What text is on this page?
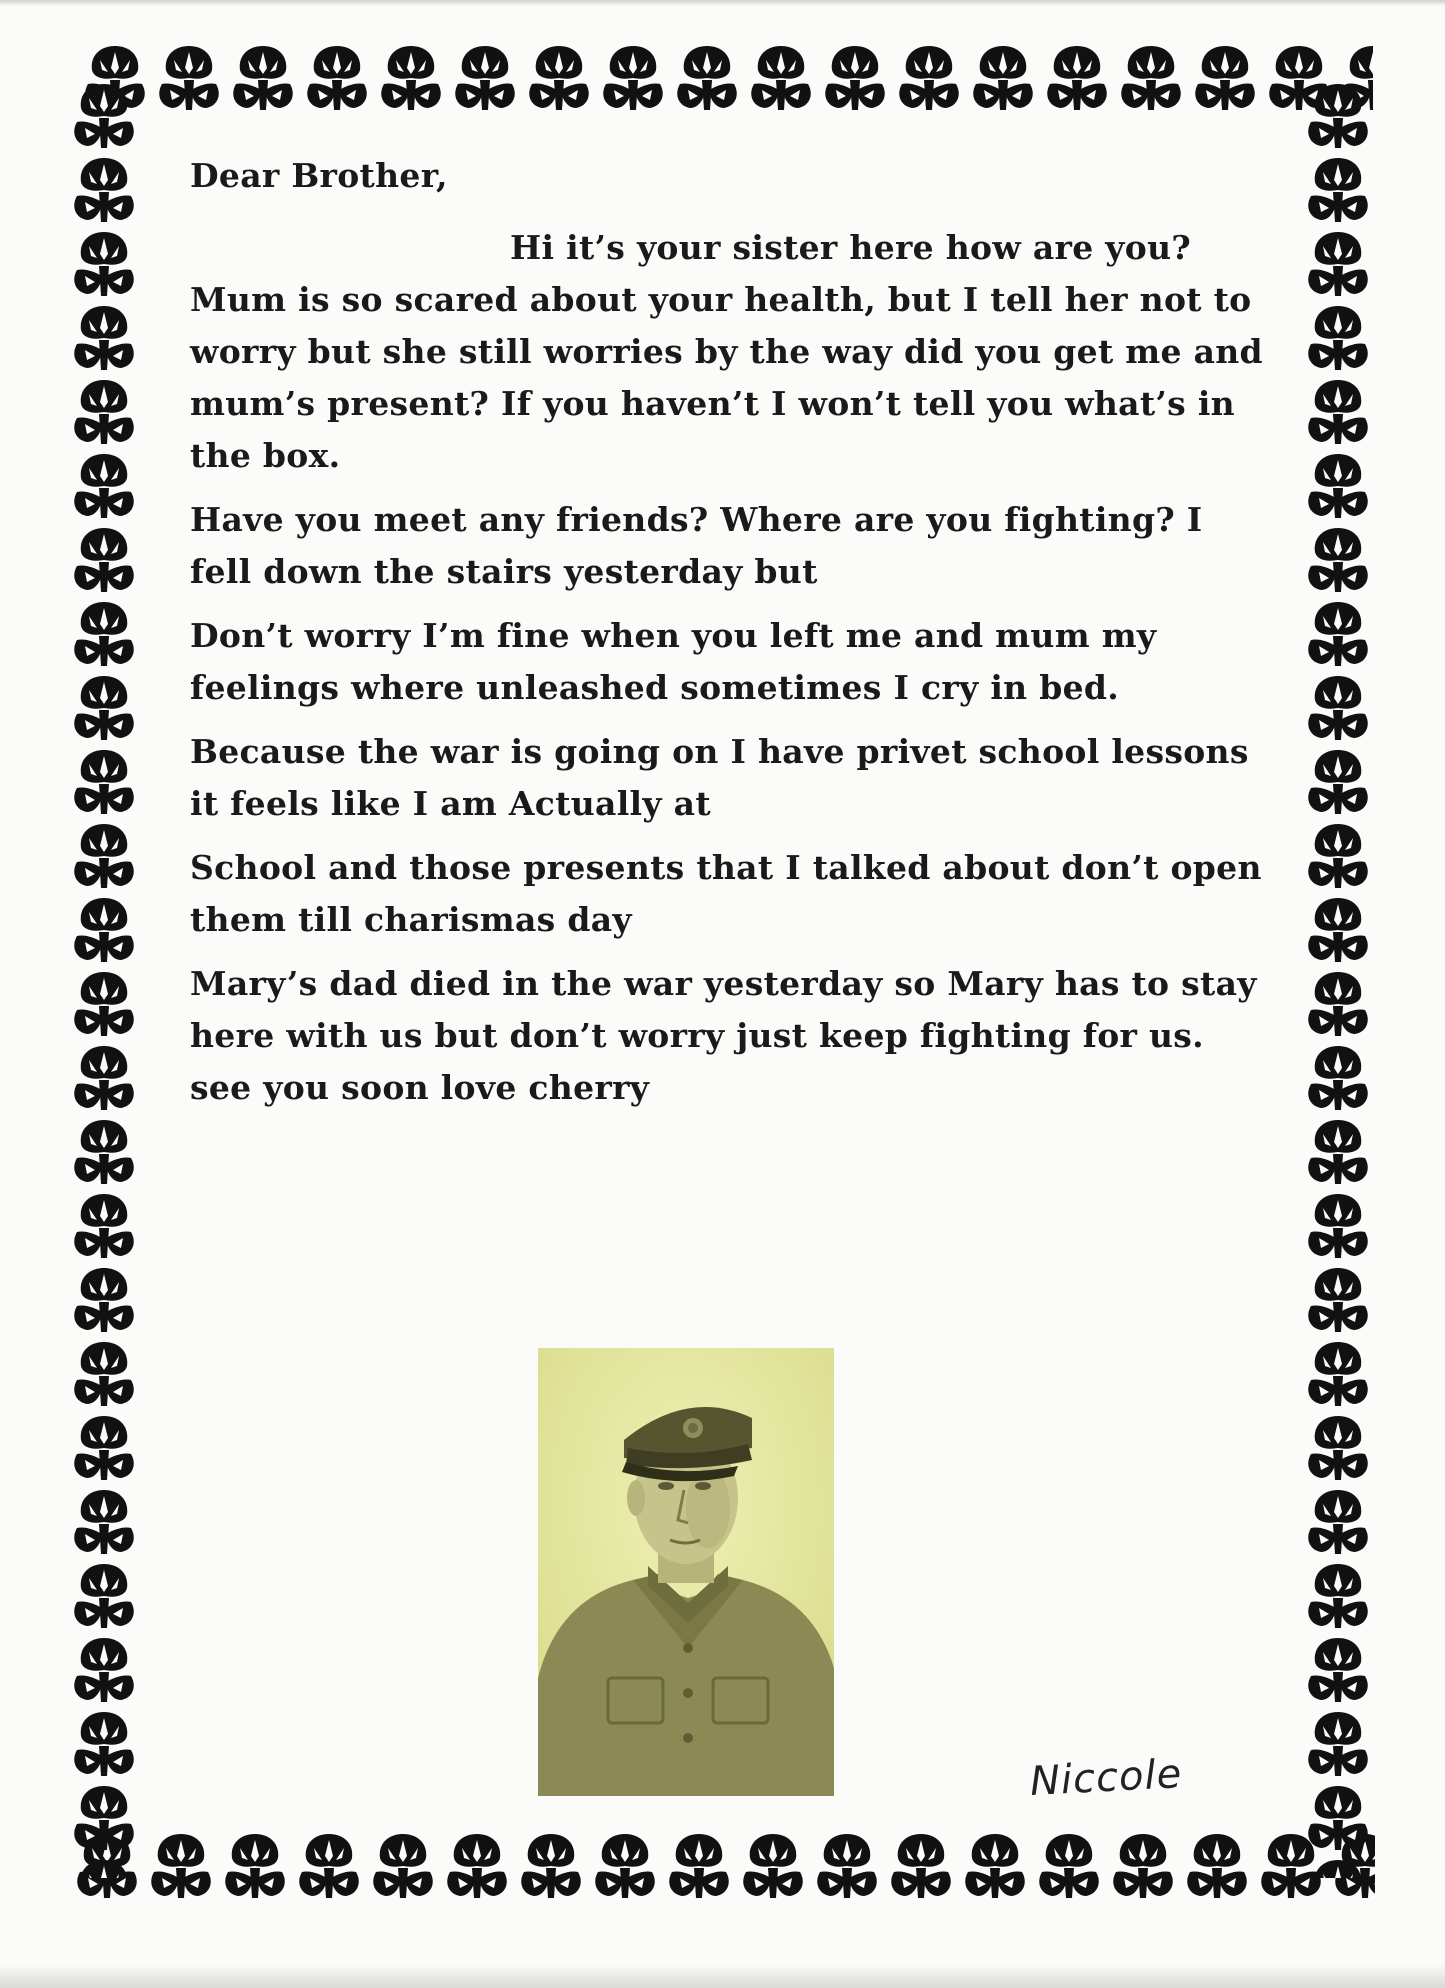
Dear Brother,

Hi it’s your sister here how are you? Mum is so scared about your health, but I tell her not to worry but she still worries by the way did you get me and mum’s present? If you haven’t I won’t tell you what’s in the box.

Have you meet any friends? Where are you fighting? I fell down the stairs yesterday but

Don’t worry I’m fine when you left me and mum my feelings where unleashed sometimes I cry in bed.

Because the war is going on I have privet school lessons it feels like I am Actually at

School and those presents that I talked about don’t open them till charismas day

Mary’s dad died in the war yesterday so Mary has to stay here with us but don’t worry just keep fighting for us. see you soon love cherry

Niccole
